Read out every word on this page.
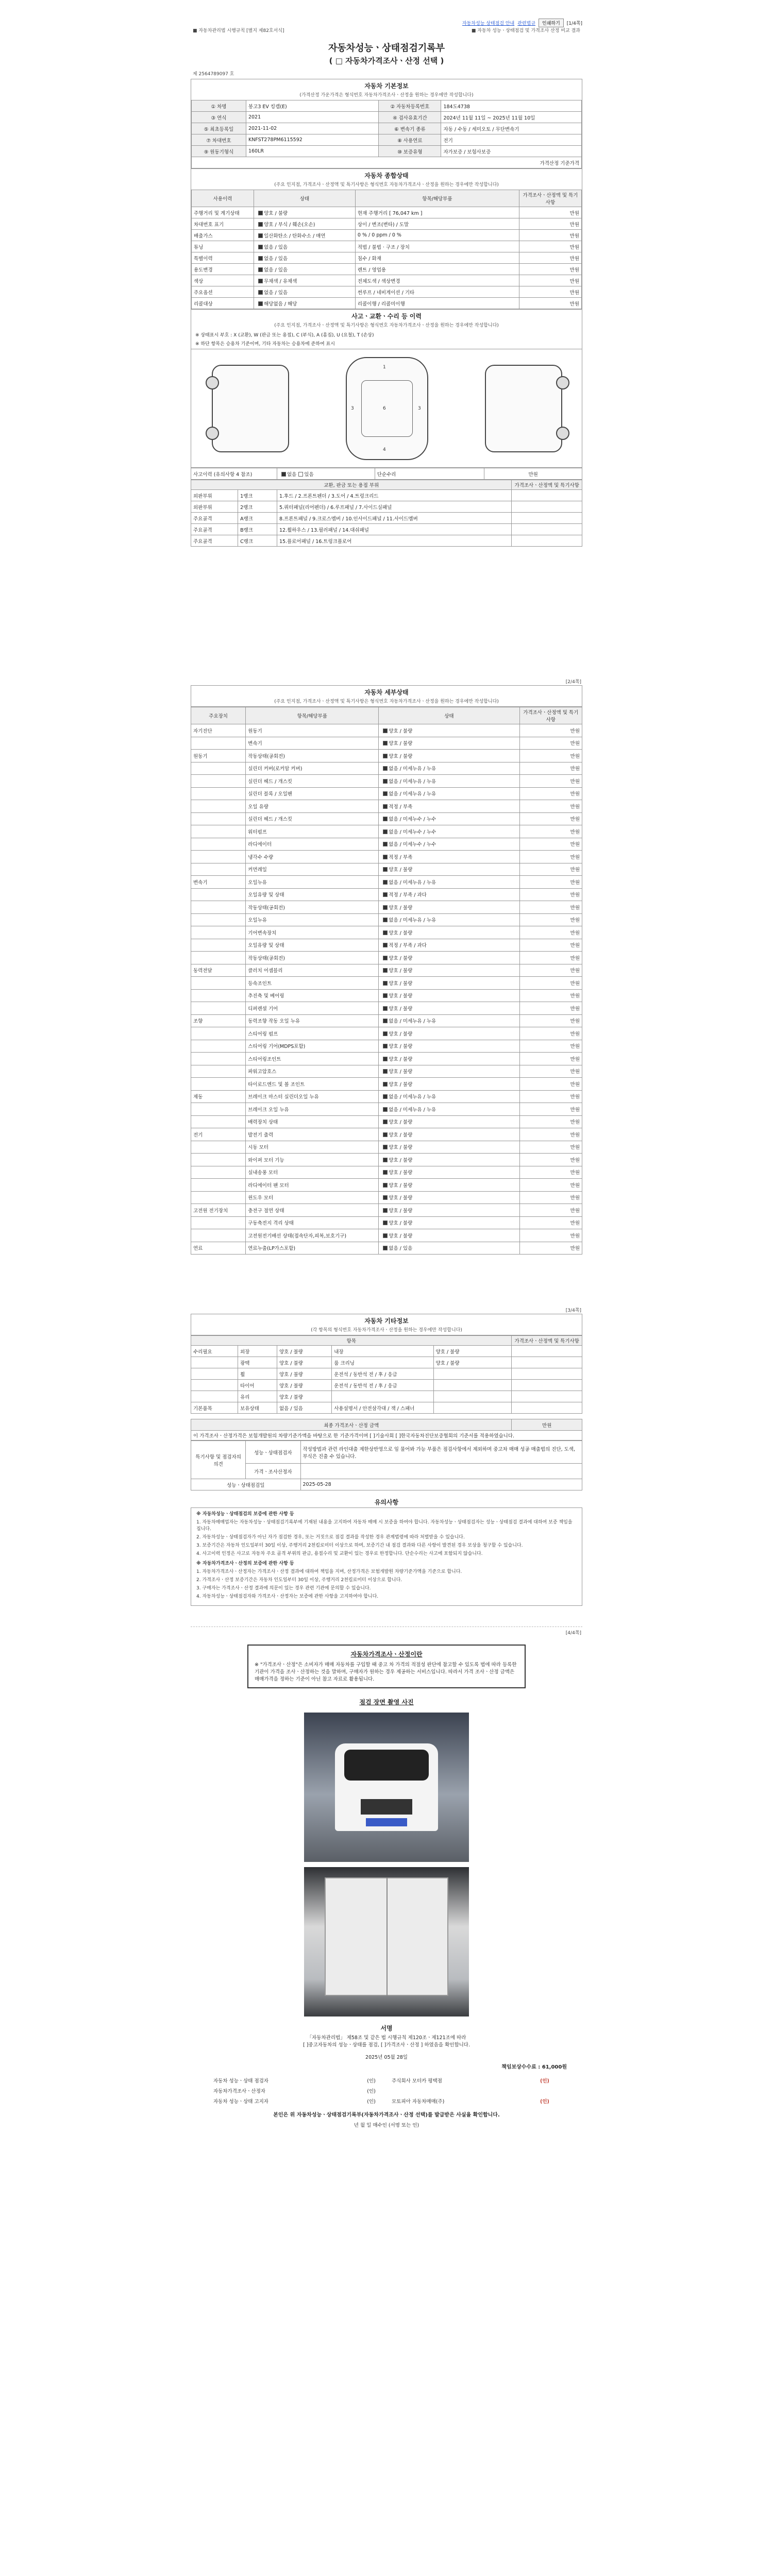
자동차성능 상태점검 안내 관련법규	인쇄하기	[1/4쪽]
■ 자동차관리법 시행규칙 [별지 제82호서식]	■ 자동차 성능ㆍ상태점검 및 가격조사 산정 비교 결과
자동차성능ㆍ상태점검기록부
( □ 자동차가격조사ㆍ산정 선택 )
제 2564789097 호
자동차 기본정보
(가격산정 가운가격은 형식번호 자동차가격조사ㆍ산정을 원하는 경우에만 작성합니다)
① 차명	봉고3 EV 킹캡(E)	② 자동차등록번호	184도4738
③ 연식	2021	④ 검사유효기간	2024년 11월 11일 ~ 2025년 11월 10일
⑤ 최초등록일	2021-11-02	⑥ 변속기 종류	자동 / 수동 / 세미오토 / 무단변속기
⑦ 차대번호	KNFST278PM6115592	⑧ 사용연료	전기
⑨ 원동기형식	160LR	⑩ 보증유형	자가보증 / 보험사보증
가격산정 기준가격			
자동차 종합상태
(주요 인지점, 가격조사ㆍ산정액 및 특기사항은 형식번호 자동차가격조사ㆍ산정을 원하는 경우에만 작성합니다)
사용이력	상태	항목/해당부품	가격조사ㆍ산정액 및 특기사항
주행거리 및 계기상태	양호 / 불량	현재 주행거리 [ 76,047 km ]	만원
차대번호 표기	양호 / 부식 / 훼손(오손)	상이 / 변조(변타) / 도말	만원
배출가스	일산화탄소 / 탄화수소 / 매연	0 % / 0 ppm / 0 %	만원
튜닝	없음 / 있음	적법 / 불법 · 구조 / 장치	만원
특별이력	없음 / 있음	침수 / 화재	만원
용도변경	없음 / 있음	렌트 / 영업용	만원
색상	무채색 / 유채색	전체도색 / 색상변경	만원
주요옵션	없음 / 있음	썬루프 / 네비게이션 / 기타	만원
리콜대상	해당없음 / 해당	리콜이행 / 리콜미이행	만원
사고ㆍ교환ㆍ수리 등 이력
(주요 인지점, 가격조사ㆍ산정액 및 특기사항은 형식번호 자동차가격조사ㆍ산정을 원하는 경우에만 작성합니다)
※ 상태표시 부호 : X (교환), W (판금 또는 용접), C (부식), A (흠집), U (요철), T (손상)
※ 하단 항목은 승용차 기준이며, 기타 자동차는 승용차에 준하여 표시
1
6
4
3	3
사고이력 (유의사항 4 참조)	없음 있음	단순수리	만원
교환, 판금 또는 용접 부위			가격조사ㆍ산정액 및 특기사항
외판부위	1랭크	1.후드 / 2.프론트펜더 / 3.도어 / 4.트렁크리드	
외판부위	2랭크	5.쿼터패널(리어펜더) / 6.루프패널 / 7.사이드실패널	
주요골격	A랭크	8.프론트패널 / 9.크로스멤버 / 10.인사이드패널 / 11.사이드멤버	
주요골격	B랭크	12.휠하우스 / 13.필러패널 / 14.대쉬패널	
주요골격	C랭크	15.플로어패널 / 16.트렁크플로어	
[2/4쪽]
자동차 세부상태
(주요 인지점, 가격조사ㆍ산정액 및 특기사항은 형식번호 자동차가격조사ㆍ산정을 원하는 경우에만 작성합니다)
주요장치	항목/해당부품	상태	가격조사ㆍ산정액 및 특기사항
자기진단	원동기	양호 / 불량	만원
	변속기	양호 / 불량	만원
원동기	작동상태(공회전)	양호 / 불량	만원
	실린더 커버(로커암 커버)	없음 / 미세누유 / 누유	만원
	실린더 헤드 / 개스킷	없음 / 미세누유 / 누유	만원
	실린더 블록 / 오일팬	없음 / 미세누유 / 누유	만원
	오일 유량	적정 / 부족	만원
	실린더 헤드 / 개스킷	없음 / 미세누수 / 누수	만원
	워터펌프	없음 / 미세누수 / 누수	만원
	라디에이터	없음 / 미세누수 / 누수	만원
	냉각수 수량	적정 / 부족	만원
	커먼레일	양호 / 불량	만원
변속기	오일누유	없음 / 미세누유 / 누유	만원
	오일유량 및 상태	적정 / 부족 / 과다	만원
	작동상태(공회전)	양호 / 불량	만원
	오일누유	없음 / 미세누유 / 누유	만원
	기어변속장치	양호 / 불량	만원
	오일유량 및 상태	적정 / 부족 / 과다	만원
	작동상태(공회전)	양호 / 불량	만원
동력전달	클러치 어셈블리	양호 / 불량	만원
	등속조인트	양호 / 불량	만원
	추진축 및 베어링	양호 / 불량	만원
	디퍼렌셜 기어	양호 / 불량	만원
조향	동력조향 작동 오일 누유	없음 / 미세누유 / 누유	만원
	스티어링 펌프	양호 / 불량	만원
	스티어링 기어(MDPS포함)	양호 / 불량	만원
	스티어링조인트	양호 / 불량	만원
	파워고압호스	양호 / 불량	만원
	타이로드엔드 및 볼 조인트	양호 / 불량	만원
제동	브레이크 마스터 실린더오일 누유	없음 / 미세누유 / 누유	만원
	브레이크 오일 누유	없음 / 미세누유 / 누유	만원
	배력장치 상태	양호 / 불량	만원
전기	발전기 출력	양호 / 불량	만원
	시동 모터	양호 / 불량	만원
	와이퍼 모터 기능	양호 / 불량	만원
	실내송풍 모터	양호 / 불량	만원
	라디에이터 팬 모터	양호 / 불량	만원
	윈도우 모터	양호 / 불량	만원
고전원 전기장치	충전구 절연 상태	양호 / 불량	만원
	구동축전지 격리 상태	양호 / 불량	만원
	고전원전기배선 상태(접속단자,피복,보호기구)	양호 / 불량	만원
연료	연료누출(LP가스포함)	없음 / 있음	만원
[3/4쪽]
자동차 기타정보
(각 항목의 형식번호 자동차가격조사ㆍ산정을 원하는 경우에만 작성합니다)
항목					가격조사ㆍ산정액 및 특기사항
수리필요	외장	양호 / 불량	내장	양호 / 불량	
	광택	양호 / 불량	룸 크리닝	양호 / 불량	
	휠	양호 / 불량	운전석 / 동반석 전 / 후 / 응급		
	타이어	양호 / 불량	운전석 / 동반석 전 / 후 / 응급		
	유리	양호 / 불량			
기본품목	보유상태	없음 / 있음	사용설명서 / 안전삼각대 / 잭 / 스패너		
최종 가격조사ㆍ산정 금액	만원
이 가격조사ㆍ산정가격은 보험개발원의 차량기준가액을 바탕으로 한 기준가격이며 [ ]기술사회 [ ]한국자동차진단보증협회의 기준서를 적용하였습니다.
특기사항 및 점검자의 의견	성능ㆍ상태점검자	작성방법과 관련 라인대출 제한상반영으로 임 물어봐 가능 부품은 점검사항에서 제외하며 중고차 매매 성공 매출법의 진단, 도색, 부식은 진출 수 있습니다.
	가격ㆍ조사산정자	
성능ㆍ상태점검일		2025-05-28
유의사항

※ 자동차성능ㆍ상태점검의 보증에 관한 사항 등

1. 자동차매매업자는 자동차성능ㆍ상태점검기록부에 기재된 내용을 고지하여 자동차 매매 시 보증을 하여야 합니다. 자동차성능ㆍ상태점검자는 성능ㆍ상태점검 결과에 대하여 보증 책임을 집니다.

2. 자동차성능ㆍ상태점검자가 아닌 자가 점검한 경우, 또는 거짓으로 점검 결과를 작성한 경우 관계법령에 따라 처벌받을 수 있습니다.

3. 보증기간은 자동차 인도일부터 30일 이상, 주행거리 2천킬로미터 이상으로 하며, 보증기간 내 점검 결과와 다른 사항이 발견된 경우 보상을 청구할 수 있습니다.

4. 사고이력 인정은 사고로 자동차 주요 골격 부위의 판금, 용접수리 및 교환이 있는 경우로 한정합니다. 단순수리는 사고에 포함되지 않습니다.

※ 자동차가격조사ㆍ산정의 보증에 관한 사항 등

1. 자동차가격조사ㆍ산정자는 가격조사ㆍ산정 결과에 대하여 책임을 지며, 산정가격은 보험개발원 차량기준가액을 기준으로 합니다.

2. 가격조사ㆍ산정 보증기간은 자동차 인도일부터 30일 이상, 주행거리 2천킬로미터 이상으로 합니다.

3. 구매자는 가격조사ㆍ산정 결과에 의문이 있는 경우 관련 기관에 문의할 수 있습니다.

4. 자동차성능ㆍ상태점검자와 가격조사ㆍ산정자는 보증에 관한 사항을 고지하여야 합니다.

[4/4쪽]
자동차가격조사ㆍ산정이란
※ "가격조사ㆍ산정"은 소비자가 매매 자동차를 구입할 때 중고 차 가격의 적절성 판단에 참고할 수 있도록 법에 따라 등록한 기관이 가격을 조사ㆍ산정하는 것을 말하며, 구매자가 원하는 경우 제공하는 서비스입니다. 따라서 가격 조사ㆍ산정 금액은 매매가격을 정하는 기준이 아닌 참고 자료로 활용됩니다.
점검 장면 촬영 사진
서명
「자동차관리법」 제58조 및 같은 법 시행규칙 제120조ㆍ제121조에 따라
[ ]중고자동차의 성능ㆍ상태를 점검, [ ]가격조사ㆍ산정 ] 하였음을 확인합니다.
2025년 05월 28일
책임보상수수료 : 61,000원
자동차 성능ㆍ상태 점검자	(인)	주식회사 모터카 평택점	(인)
자동차가격조사ㆍ산정자	(인)		
자동차 성능ㆍ상태 고지자	(인)	모토피아 자동차매매(주)	(인)
본인은 위 자동차성능ㆍ상태점검기록부(자동차가격조사ㆍ산정 선택)를 발급받은 사실을 확인합니다.
년 월 일 매수인 (서명 또는 인)
